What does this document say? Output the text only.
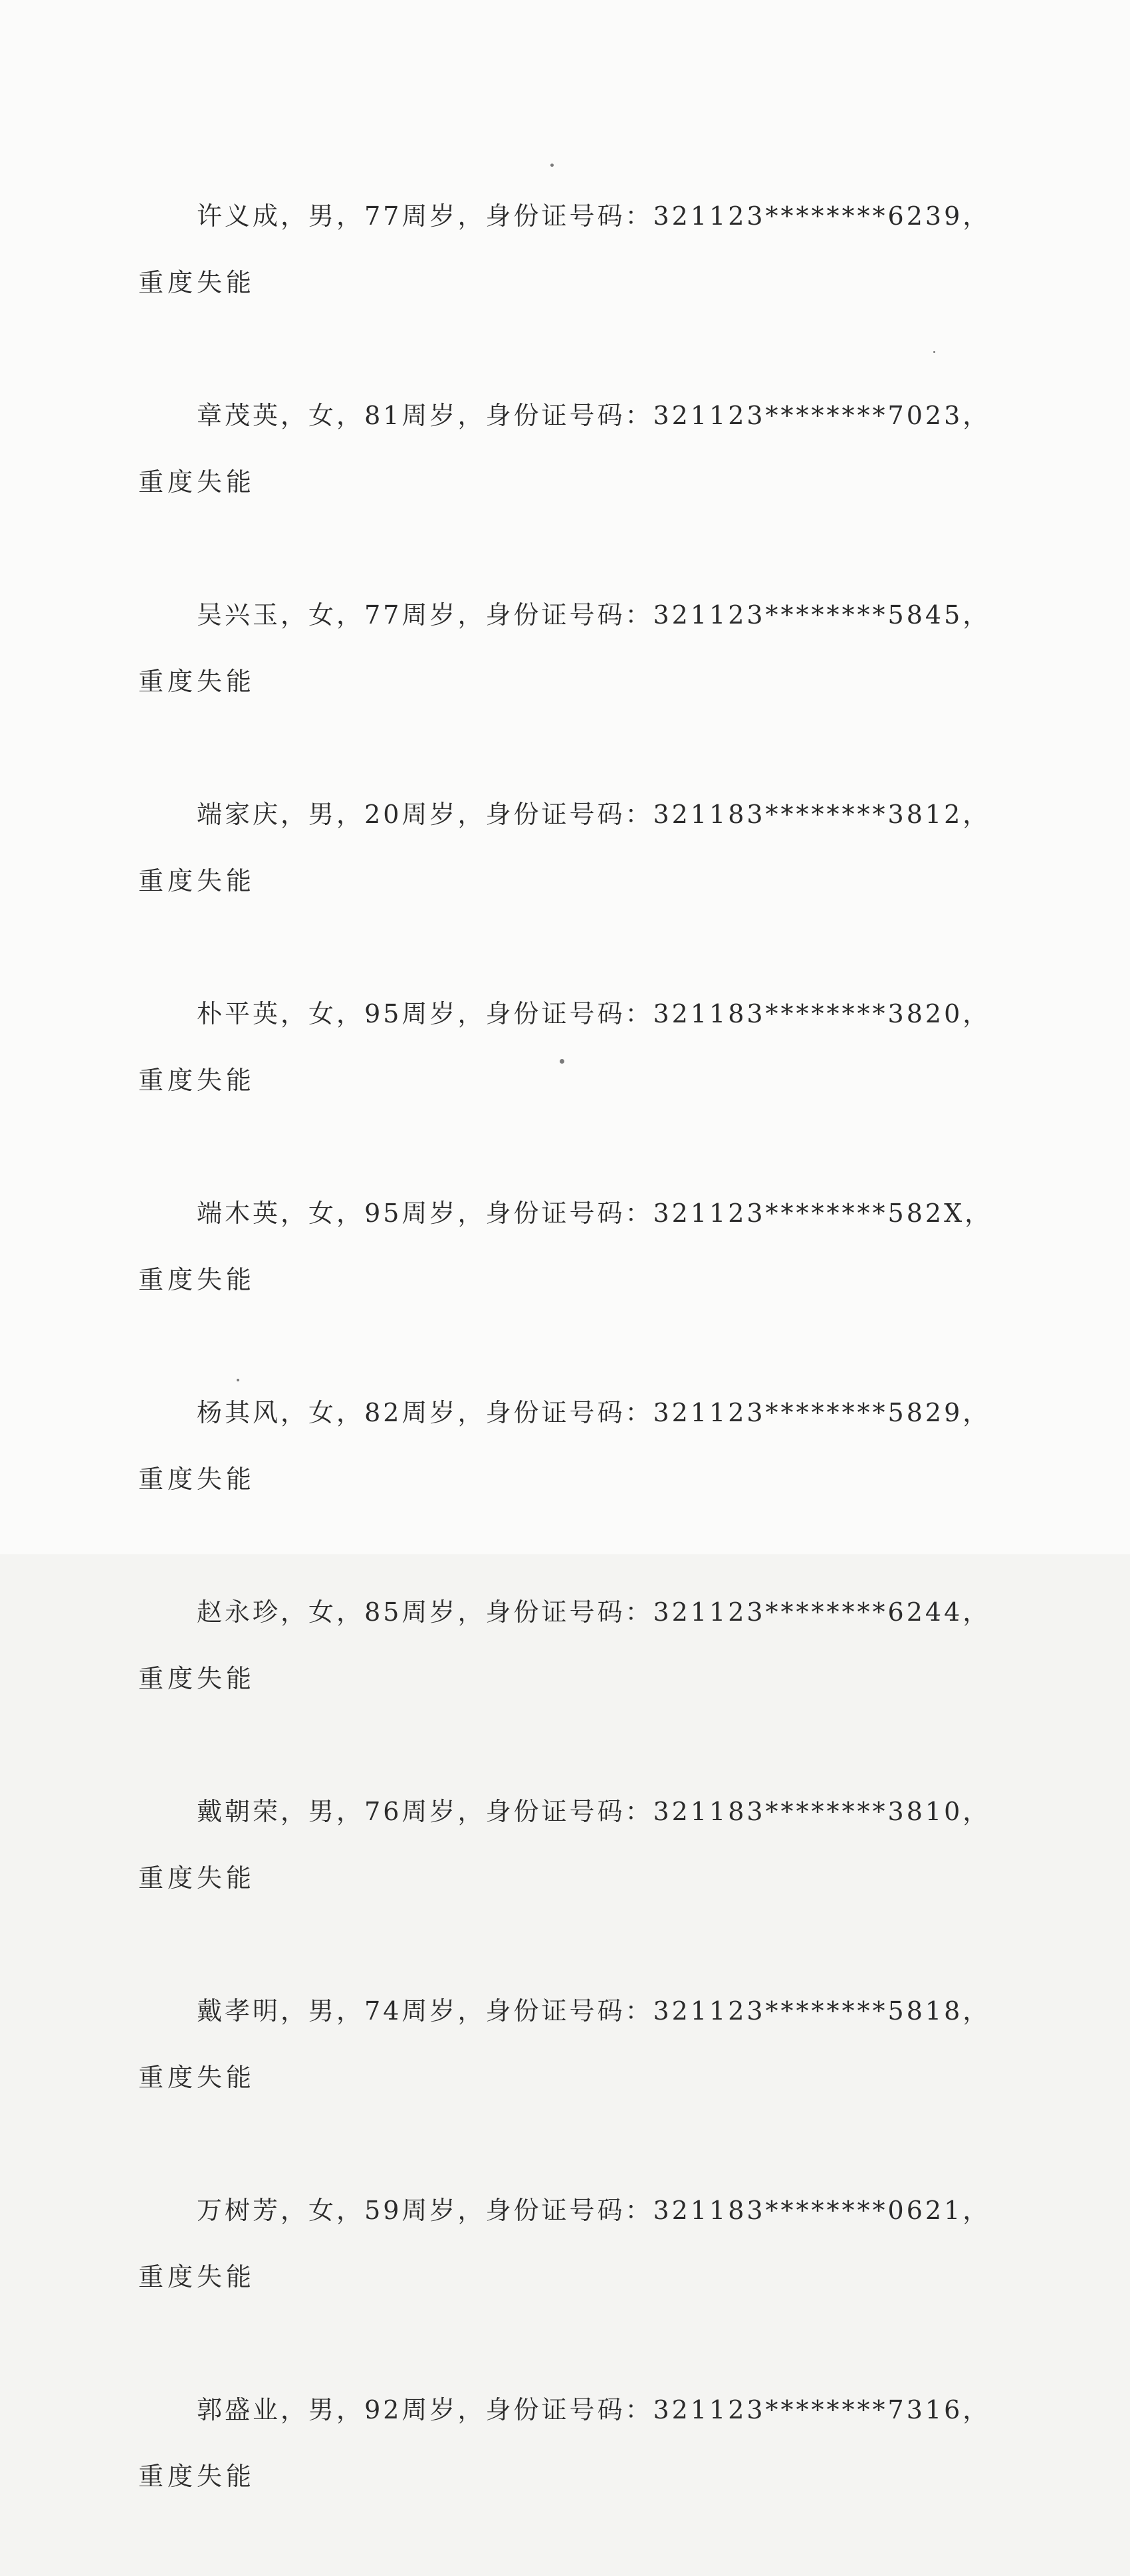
许义成，男，77周岁，身份证号码：321123********6239，
重度失能
章茂英，女，81周岁，身份证号码：321123********7023，
重度失能
吴兴玉，女，77周岁，身份证号码：321123********5845，
重度失能
端家庆，男，20周岁，身份证号码：321183********3812，
重度失能
朴平英，女，95周岁，身份证号码：321183********3820，
重度失能
端木英，女，95周岁，身份证号码：321123********582X，
重度失能
杨其风，女，82周岁，身份证号码：321123********5829，
重度失能
赵永珍，女，85周岁，身份证号码：321123********6244，
重度失能
戴朝荣，男，76周岁，身份证号码：321183********3810，
重度失能
戴孝明，男，74周岁，身份证号码：321123********5818，
重度失能
万树芳，女，59周岁，身份证号码：321183********0621，
重度失能
郭盛业，男，92周岁，身份证号码：321123********7316，
重度失能
